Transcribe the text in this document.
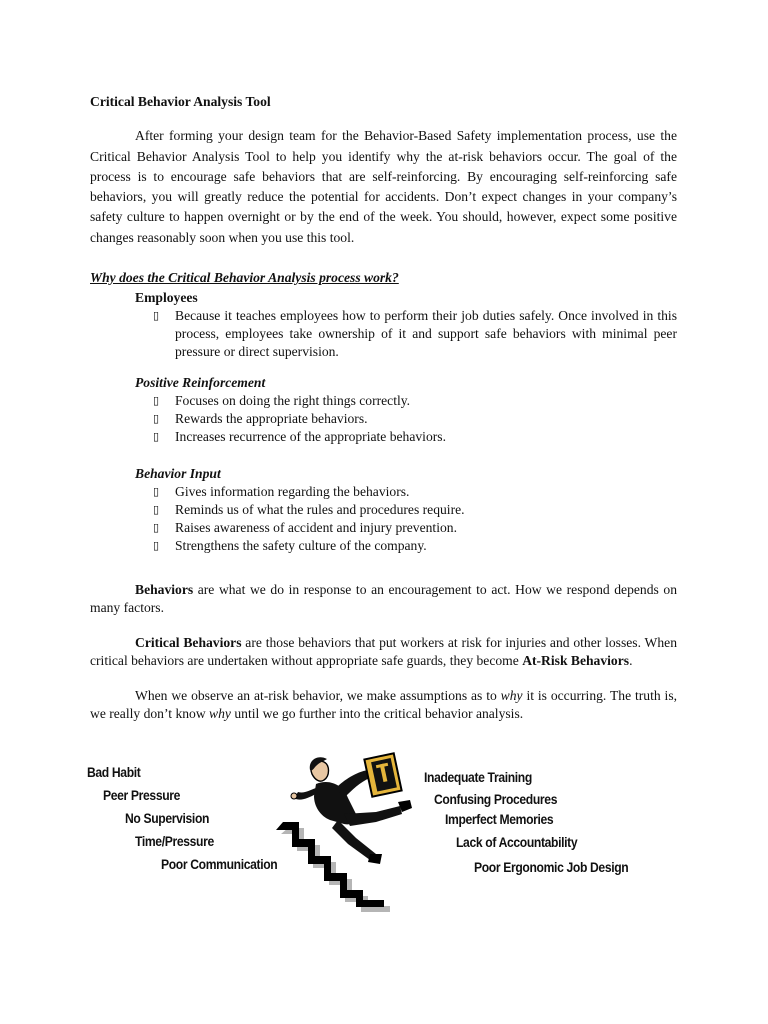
Critical Behavior Analysis Tool

After forming your design team for the Behavior-Based Safety implementation process, use the Critical Behavior Analysis Tool to help you identify why the at-risk behaviors occur. The goal of the process is to encourage safe behaviors that are self-reinforcing. By encouraging self-reinforcing safe behaviors, you will greatly reduce the potential for accidents. Don’t expect changes in your company’s safety culture to happen overnight or by the end of the week. You should, however, expect some positive changes reasonably soon when you use this tool.

Why does the Critical Behavior Analysis process work?

Employees

▯ Because it teaches employees how to perform their job duties safely. Once involved in this process, employees take ownership of it and support safe behaviors with minimal peer pressure or direct supervision.

Positive Reinforcement

▯ Focuses on doing the right things correctly.
▯ Rewards the appropriate behaviors.
▯ Increases recurrence of the appropriate behaviors.

Behavior Input

▯ Gives information regarding the behaviors.
▯ Reminds us of what the rules and procedures require.
▯ Raises awareness of accident and injury prevention.
▯ Strengthens the safety culture of the company.

Behaviors are what we do in response to an encouragement to act. How we respond depends on many factors.

Critical Behaviors are those behaviors that put workers at risk for injuries and other losses. When critical behaviors are undertaken without appropriate safe guards, they become At-Risk Behaviors.

When we observe an at-risk behavior, we make assumptions as to why it is occurring. The truth is, we really don’t know why until we go further into the critical behavior analysis.

Bad Habit
Peer Pressure
No Supervision
Time/Pressure
Poor Communication
Inadequate Training
Confusing Procedures
Imperfect Memories
Lack of Accountability
Poor Ergonomic Job Design
